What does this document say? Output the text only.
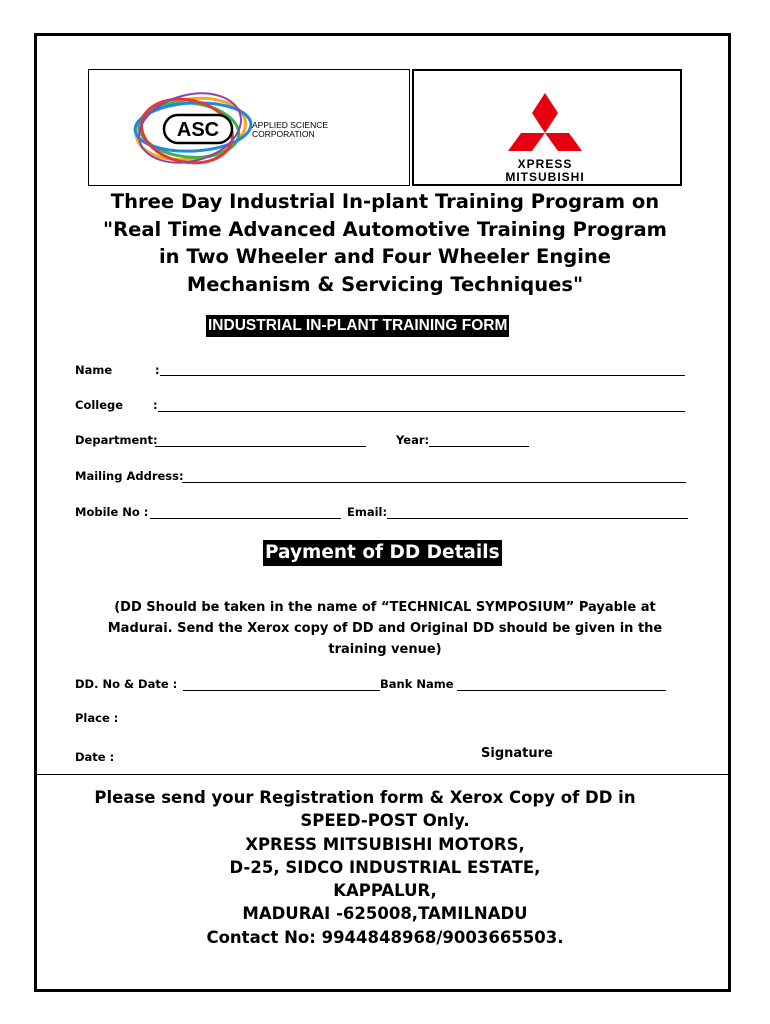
ASC	APPLIED SCIENCE
CORPORATION
XPRESS
MITSUBISHI
Three Day Industrial In-plant Training Program on
"Real Time Advanced Automotive Training Program
in Two Wheeler and Four Wheeler Engine
Mechanism & Servicing Techniques"
INDUSTRIAL IN-PLANT TRAINING FORM
Name	:
College	:
Department:	Year:
Mailing Address:
Mobile No :	Email:
Payment of DD Details
(DD Should be taken in the name of “TECHNICAL SYMPOSIUM” Payable at
Madurai. Send the Xerox copy of DD and Original DD should be given in the
training venue)
DD. No & Date :	Bank Name
Place :
Date :	Signature
Please send your Registration form & Xerox Copy of DD in
SPEED-POST Only.
XPRESS MITSUBISHI MOTORS,
D-25, SIDCO INDUSTRIAL ESTATE,
KAPPALUR,
MADURAI -625008,TAMILNADU
Contact No: 9944848968/9003665503.
